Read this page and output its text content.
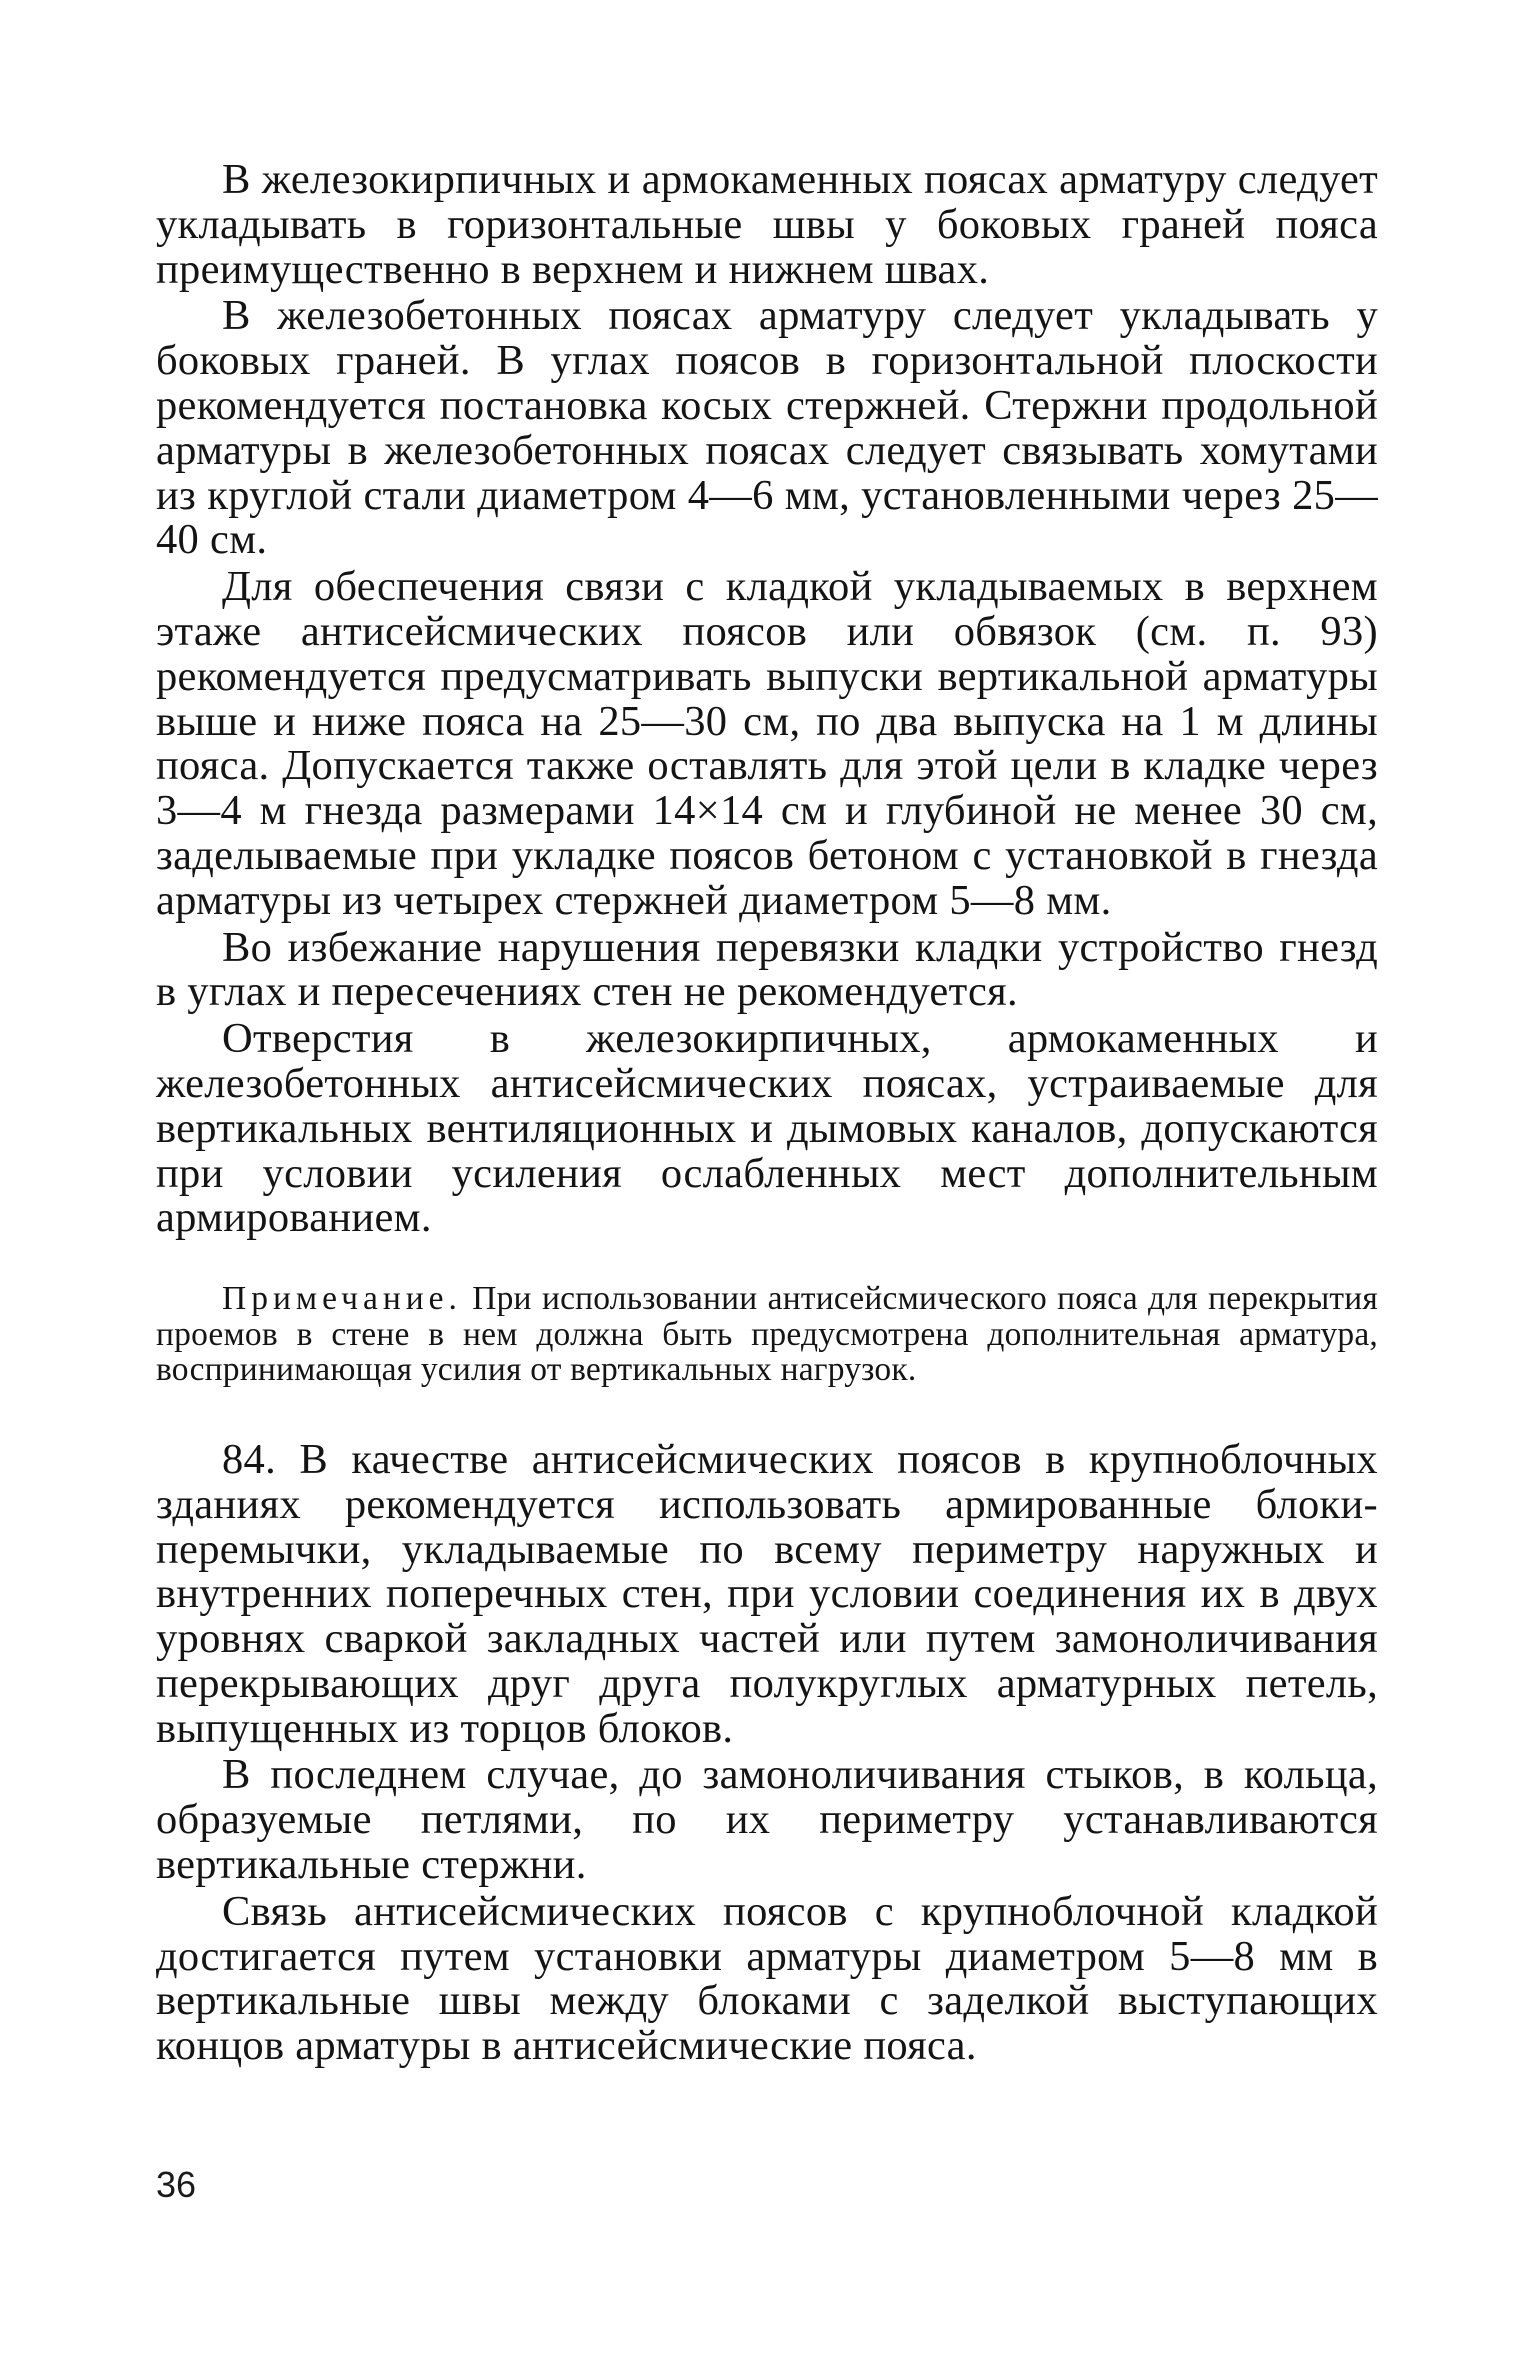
В железокирпичных и армокаменных поясах арматуру следует укладывать в горизонтальные швы у боковых граней пояса преимущественно в верхнем и нижнем швах.

В железобетонных поясах арматуру следует укладывать у боковых граней. В углах поясов в горизонтальной плоскости рекомендуется постановка косых стержней. Стержни продольной арматуры в железобетонных поясах следует связывать хомутами из круглой стали диаметром 4—6 мм, установленными через 25—40 см.

Для обеспечения связи с кладкой укладываемых в верхнем этаже антисейсмических поясов или обвязок (см. п. 93) рекомендуется предусматривать выпуски вертикальной арматуры выше и ниже пояса на 25—30 см, по два выпуска на 1 м длины пояса. Допускается также оставлять для этой цели в кладке через 3—4 м гнезда размерами 14×14 см и глубиной не менее 30 см, заделываемые при укладке поясов бетоном с установкой в гнезда арматуры из четырех стержней диаметром 5—8 мм.

Во избежание нарушения перевязки кладки устройство гнезд в углах и пересечениях стен не рекомендуется.

Отверстия в железокирпичных, армокаменных и железобетонных антисейсмических поясах, устраиваемые для вертикальных вентиляционных и дымовых каналов, допускаются при условии усиления ослабленных мест дополнительным армированием.

Примечание. При использовании антисейсмического пояса для перекрытия проемов в стене в нем должна быть предусмотрена дополнительная арматура, воспринимающая усилия от вертикальных нагрузок.

84. В качестве антисейсмических поясов в крупноблочных зданиях рекомендуется использовать армированные блоки-перемычки, укладываемые по всему периметру наружных и внутренних поперечных стен, при условии соединения их в двух уровнях сваркой закладных частей или путем замоноличивания перекрывающих друг друга полукруглых арматурных петель, выпущенных из торцов блоков.

В последнем случае, до замоноличивания стыков, в кольца, образуемые петлями, по их периметру устанавливаются вертикальные стержни.

Связь антисейсмических поясов с крупноблочной кладкой достигается путем установки арматуры диаметром 5—8 мм в вертикальные швы между блоками с заделкой выступающих концов арматуры в антисейсмические пояса.

36
